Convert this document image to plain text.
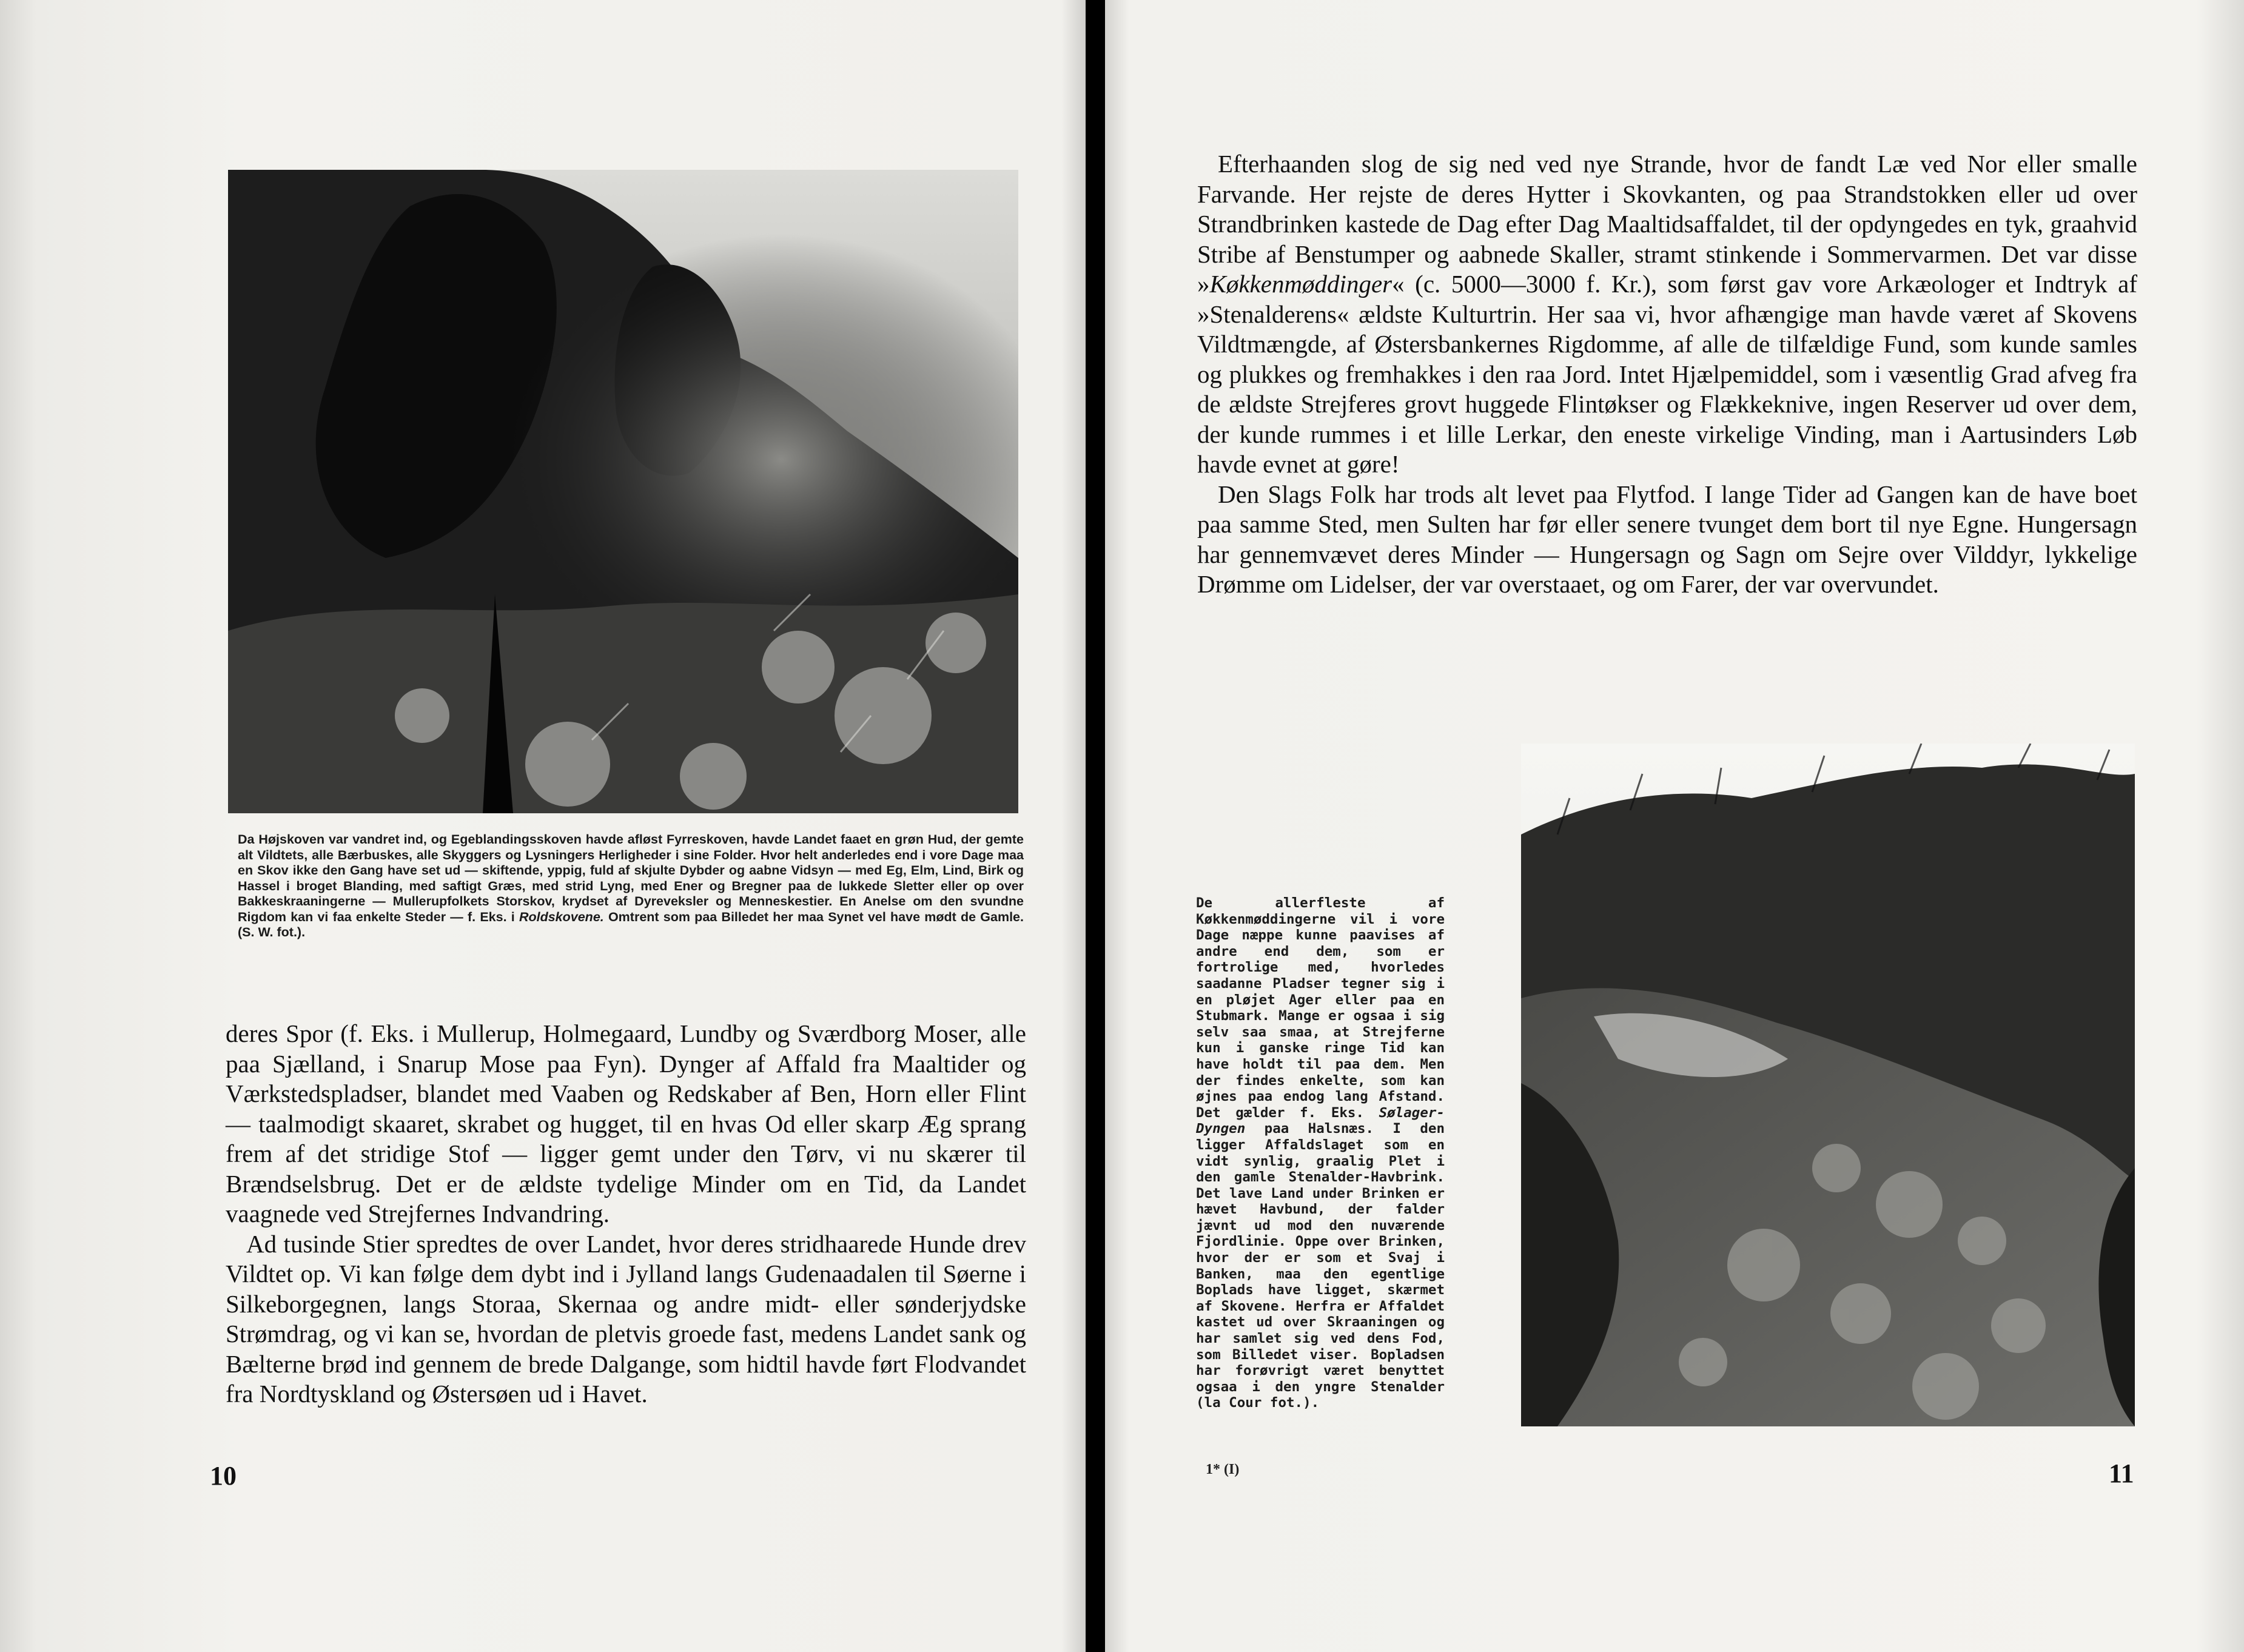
Da Højskoven var vandret ind, og Egeblandingsskoven havde afløst Fyrreskoven, havde Landet faaet en grøn Hud, der gemte alt Vildtets, alle Bærbuskes, alle Skyggers og Lysningers Herligheder i sine Folder. Hvor helt anderledes end i vore Dage maa en Skov ikke den Gang have set ud — skiftende, yppig, fuld af skjulte Dybder og aabne Vidsyn — med Eg, Elm, Lind, Birk og Hassel i broget Blanding, med saftigt Græs, med strid Lyng, med Ener og Bregner paa de lukkede Sletter eller op over Bakkeskraaningerne — Mullerupfolkets Storskov, krydset af Dyreveksler og Menneskestier. En Anelse om den svundne Rigdom kan vi faa enkelte Steder — f. Eks. i Roldskovene. Omtrent som paa Billedet her maa Synet vel have mødt de Gamle. (S. W. fot.).

deres Spor (f. Eks. i Mullerup, Holmegaard, Lundby og Sværdborg Moser, alle paa Sjælland, i Snarup Mose paa Fyn). Dynger af Affald fra Maaltider og Værkstedspladser, blandet med Vaaben og Redskaber af Ben, Horn eller Flint — taalmodigt skaaret, skrabet og hugget, til en hvas Od eller skarp Æg sprang frem af det stridige Stof — ligger gemt under den Tørv, vi nu skærer til Brændselsbrug. Det er de ældste tydelige Minder om en Tid, da Landet vaagnede ved Strejfernes Indvandring.

Ad tusinde Stier spredtes de over Landet, hvor deres stridhaarede Hunde drev Vildtet op. Vi kan følge dem dybt ind i Jylland langs Gudenaadalen til Søerne i Silkeborgegnen, langs Storaa, Skernaa og andre midt- eller sønderjydske Strømdrag, og vi kan se, hvordan de pletvis groede fast, medens Landet sank og Bælterne brød ind gennem de brede Dalgange, som hidtil havde ført Flodvandet fra Nordtyskland og Østersøen ud i Havet.

10

Efterhaanden slog de sig ned ved nye Strande, hvor de fandt Læ ved Nor eller smalle Farvande. Her rejste de deres Hytter i Skovkanten, og paa Strandstokken eller ud over Strandbrinken kastede de Dag efter Dag Maaltidsaffaldet, til der opdyngedes en tyk, graahvid Stribe af Benstumper og aabnede Skaller, stramt stinkende i Sommervarmen. Det var disse »Køkkenmøddinger« (c. 5000—3000 f. Kr.), som først gav vore Arkæologer et Indtryk af »Stenalderens« ældste Kulturtrin. Her saa vi, hvor afhængige man havde været af Skovens Vildtmængde, af Østersbankernes Rigdomme, af alle de tilfældige Fund, som kunde samles og plukkes og fremhakkes i den raa Jord. Intet Hjælpemiddel, som i væsentlig Grad afveg fra de ældste Strejferes grovt huggede Flintøkser og Flækkeknive, ingen Reserver ud over dem, der kunde rummes i et lille Lerkar, den eneste virkelige Vinding, man i Aartusinders Løb havde evnet at gøre!

Den Slags Folk har trods alt levet paa Flytfod. I lange Tider ad Gangen kan de have boet paa samme Sted, men Sulten har før eller senere tvunget dem bort til nye Egne. Hungersagn har gennemvævet deres Minder — Hungersagn og Sagn om Sejre over Vilddyr, lykkelige Drømme om Lidelser, der var overstaaet, og om Farer, der var overvundet.

De allerfleste af Køkkenmøddingerne vil i vore Dage næppe kunne paavises af andre end dem, som er fortrolige med, hvorledes saadanne Pladser tegner sig i en pløjet Ager eller paa en Stubmark. Mange er ogsaa i sig selv saa smaa, at Strejferne kun i ganske ringe Tid kan have holdt til paa dem. Men der findes enkelte, som kan øjnes paa endog lang Afstand. Det gælder f. Eks. Sølager-Dyngen paa Halsnæs. I den ligger Affaldslaget som en vidt synlig, graalig Plet i den gamle Stenalder-Havbrink. Det lave Land under Brinken er hævet Havbund, der falder jævnt ud mod den nuværende Fjordlinie. Oppe over Brinken, hvor der er som et Svaj i Banken, maa den egentlige Boplads have ligget, skærmet af Skovene. Herfra er Affaldet kastet ud over Skraaningen og har samlet sig ved dens Fod, som Billedet viser. Bopladsen har forøvrigt været benyttet ogsaa i den yngre Stenalder (la Cour fot.).

1* (I)	11
